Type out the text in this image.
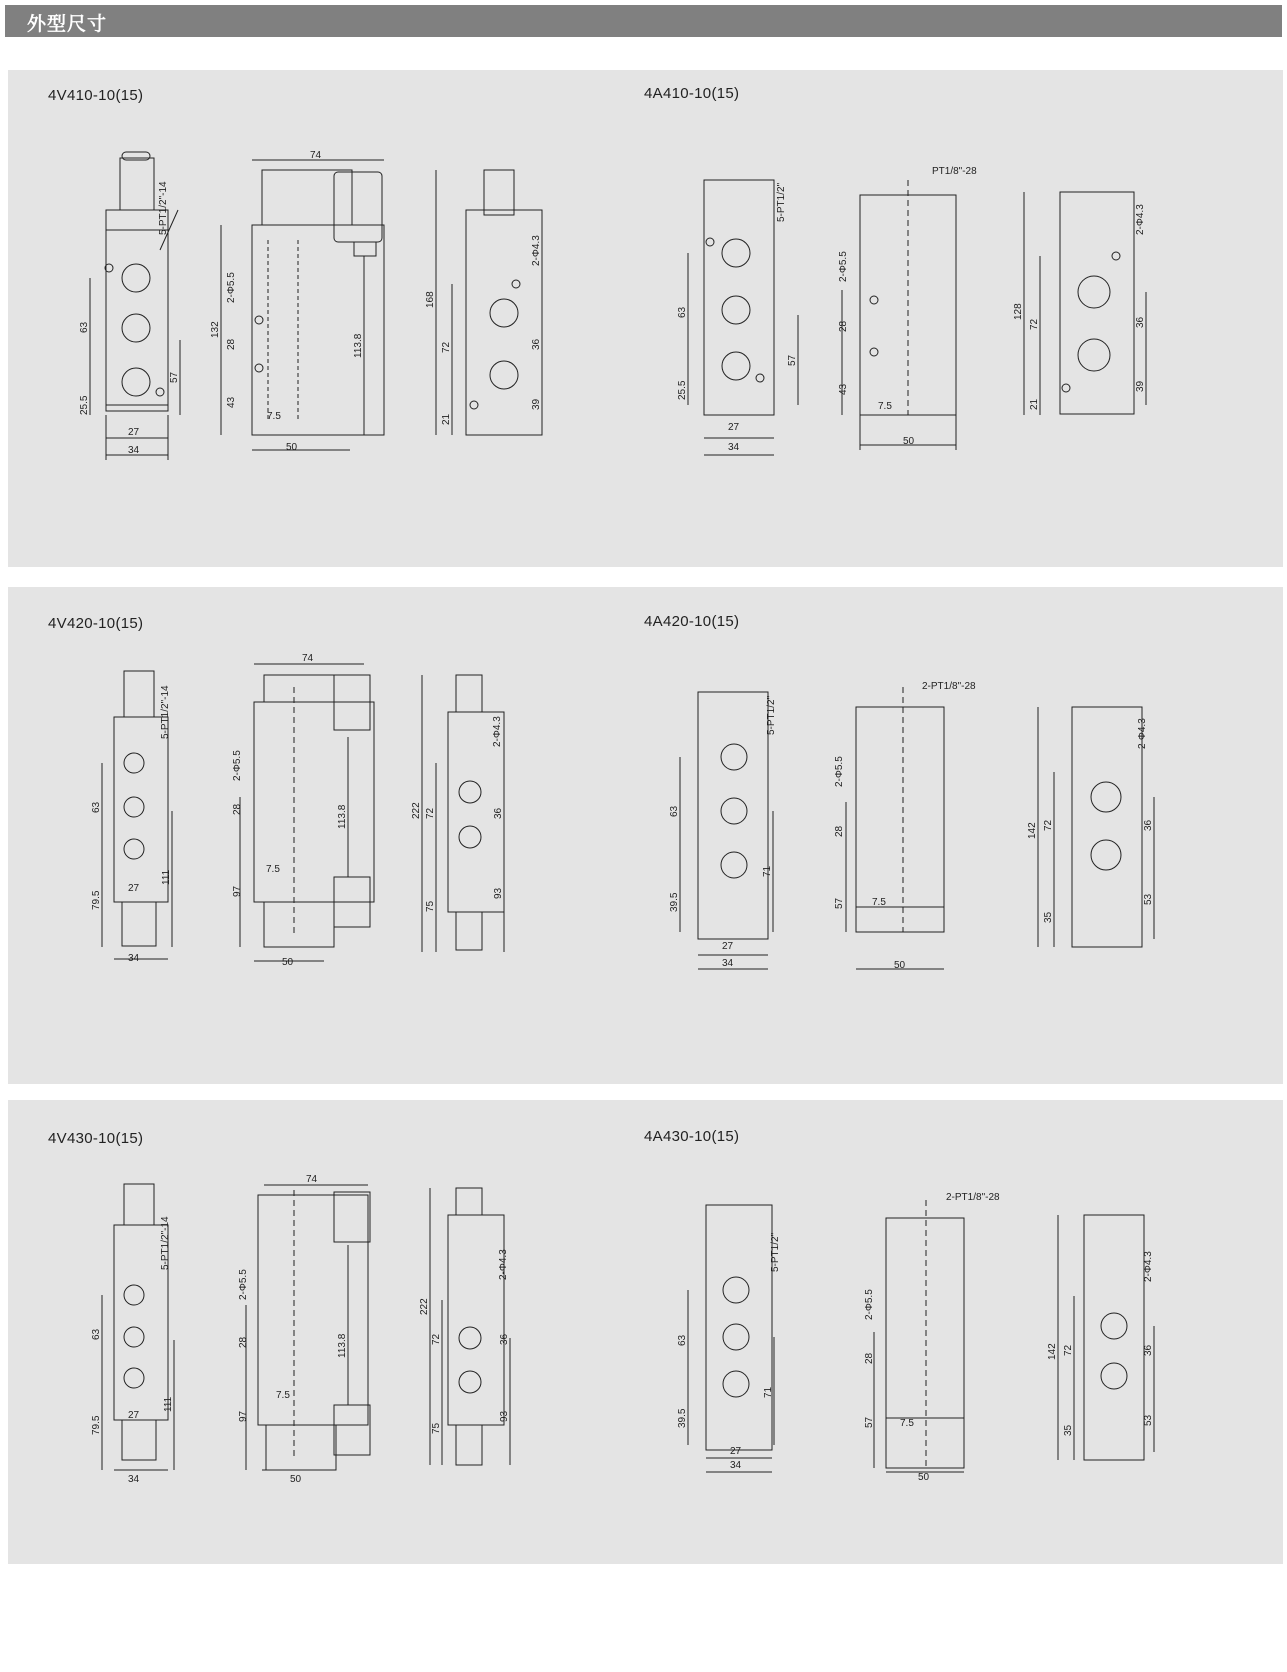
外型尺寸
4V410-10(15)	4A410-10(15)
5-PT1/2"-14
63
25.5
57
27
34
74
2-Φ5.5
132
28
43
7.5
113.8
50
2-Φ4.3
168
72
21
36
39
5-PT1/2"
63
25.5
57
27
34
PT1/8"-28
2-Φ5.5
28
43
7.5
50
2-Φ4.3
128
72
21
36
39
4V420-10(15)	4A420-10(15)
5-PT1/2"-14
63
79.5
111
27
34
74
2-Φ5.5
28
97
7.5
113.8
50
2-Φ4.3
222 72
75
36
93
5-PT1/2"
63
39.5
71
27
34
2-PT1/8"-28
2-Φ5.5
28
57	7.5
50
2-Φ4.3
142 72
35
36
53
4V430-10(15)	4A430-10(15)
5-PT1/2"-14
63
79.5
111
27
34
74
2-Φ5.5
28
97
7.5
113.8
50
2-Φ4.3
222
72
75
36
93
5-PT1/2"
63
39.5
71
27
34
2-PT1/8"-28
2-Φ5.5
28
57	7.5
50
2-Φ4.3
142 72
35
36
53
